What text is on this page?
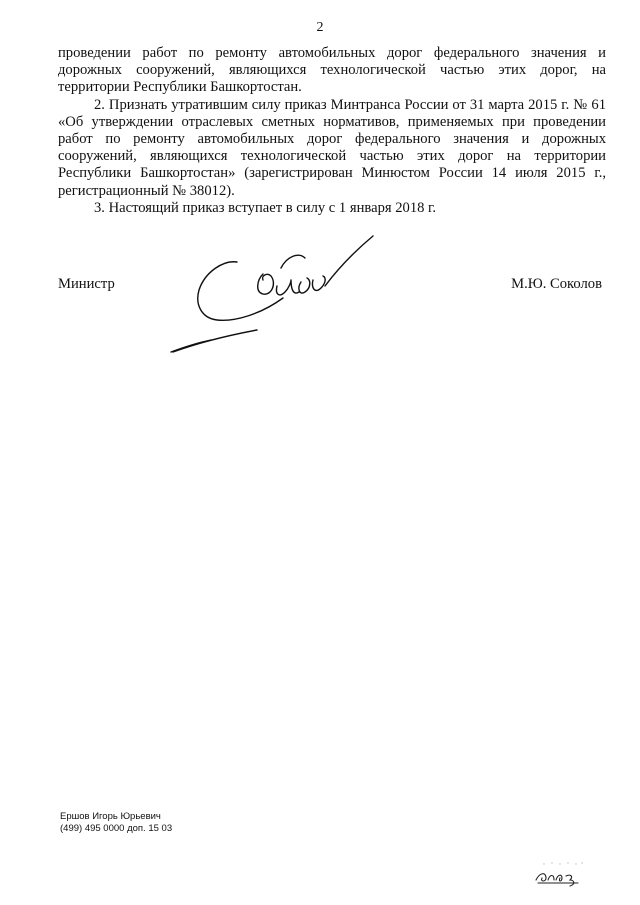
2

проведении работ по ремонту автомобильных дорог федерального значения и дорожных сооружений, являющихся технологической частью этих дорог, на территории Республики Башкортостан.

2. Признать утратившим силу приказ Минтранса России от 31 марта 2015 г. № 61 «Об утверждении отраслевых сметных нормативов, применяемых при проведении работ по ремонту автомобильных дорог федерального значения и дорожных сооружений, являющихся технологической частью этих дорог на территории Республики Башкортостан» (зарегистрирован Минюстом России 14 июля 2015 г., регистрационный № 38012).

3. Настоящий приказ вступает в силу с 1 января 2018 г.

Министр	М.Ю. Соколов
Ершов Игорь Юрьевич
(499) 495 0000 доп. 15 03
